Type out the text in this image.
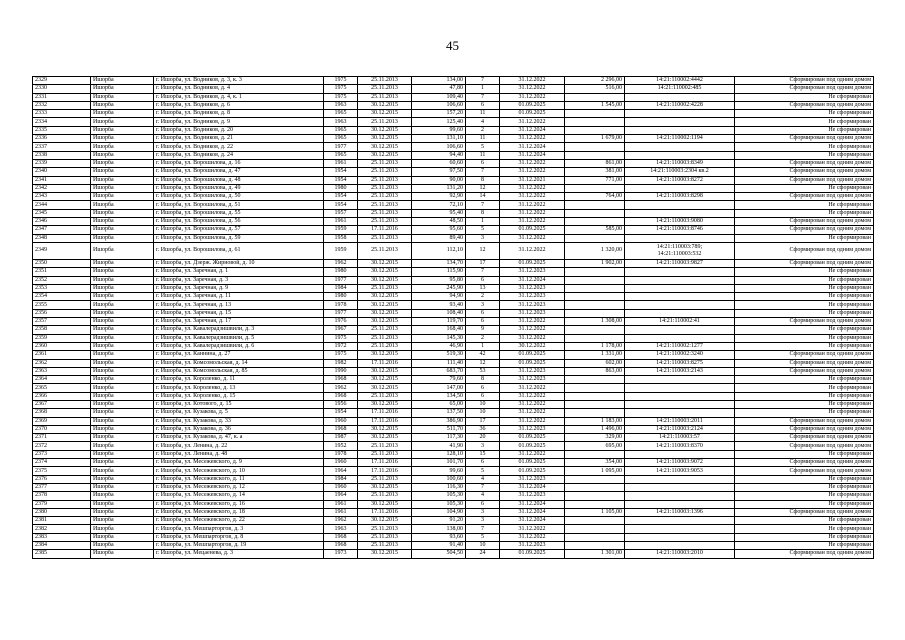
45
2329	Ишорба	г. Ишорба, ул. Водников, д. 3, к. 3	1975	25.11.2013	134,00	7	31.12.2022	2 296,00	14:21:110002:4442	Сформирован под одним домом
2330	Ишорба	г. Ишорба, ул. Водников, д. 4	1975	25.11.2013	47,80	1	31.12.2022	516,00	14:21:110002:485	Сформирован под одним домом
2331	Ишорба	г. Ишорба, ул. Водников, д. 4, к. 1	1975	25.11.2013	109,40	7	31.12.2022			Не сформирован
2332	Ишорба	г. Ишорба, ул. Водников, д. 6	1963	30.12.2015	106,60	6	01.09.2025	1 545,00	14:21:110002:4228	Сформирован под одним домом
2333	Ишорба	г. Ишорба, ул. Водников, д. 8	1965	30.12.2015	157,20	11	01.09.2025			Не сформирован
2334	Ишорба	г. Ишорба, ул. Водников, д. 9	1963	25.11.2013	125,40	4	31.12.2022			Не сформирован
2335	Ишорба	г. Ишорба, ул. Водников, д. 20	1965	30.12.2015	99,60	2	31.12.2024			Не сформирован
2336	Ишорба	г. Ишорба, ул. Водников, д. 21	1965	30.12.2015	131,10	11	31.12.2022	1 679,00	14:21:110002:1194	Сформирован под одним домом
2337	Ишорба	г. Ишорба, ул. Водников, д. 22	1977	30.12.2015	106,60	5	31.12.2024			Не сформирован
2338	Ишорба	г. Ишорба, ул. Водников, д. 24	1965	30.12.2015	94,40	11	31.12.2024			Не сформирован
2339	Ишорба	г. Ишорба, ул. Ворошилова, д. 16	1961	25.11.2013	60,60	6	31.12.2022	861,00	14:21:110003:8349	Сформирован под одним домом
2340	Ишорба	г. Ишорба, ул. Ворошилова, д. 47	1954	25.11.2013	97,50	7	31.12.2022	381,00	14:21:110003:2304 кв.2	Сформирован под одним домом
2341	Ишорба	г. Ишорба, ул. Ворошилова, д. 48	1954	25.11.2013	90,00	8	31.12.2021	771,00	14:21:110003:8272	Сформирован под одним домом
2342	Ишорба	г. Ишорба, ул. Ворошилова, д. 49	1980	25.11.2013	131,20	12	31.12.2022			Не сформирован
2343	Ишорба	г. Ишорба, ул. Ворошилова, д. 50	1954	25.11.2013	92,90	14	31.12.2022	764,00	14:21:110003:8298	Сформирован под одним домом
2344	Ишорба	г. Ишорба, ул. Ворошилова, д. 51	1954	25.11.2013	72,10	7	31.12.2022			Не сформирован
2345	Ишорба	г. Ишорба, ул. Ворошилова, д. 55	1957	25.11.2013	95,40	8	31.12.2022			Не сформирован
2346	Ишорба	г. Ишорба, ул. Ворошилова, д. 56	1961	25.11.2013	48,50	1	31.12.2022		14:21:110003:9080	Сформирован под одним домом
2347	Ишорба	г. Ишорба, ул. Ворошилова, д. 57	1959	17.11.2016	95,60	5	01.09.2025	585,00	14:21:110003:8746	Сформирован под одним домом
2348	Ишорба	г. Ишорба, ул. Ворошилова, д. 59	1958	25.11.2013	89,40	3	31.12.2022			Не сформирован
2349	Ишорба	г. Ишорба, ул. Ворошилова, д. 61	1959	25.11.2013	112,10	12	31.12.2022	1 320,00	14:21:110003:789;
14:21:110003:532	Сформирован под одним домом
2350	Ишорба	г. Ишорба, ул. Дзерж. Жирновой, д. 10	1962	30.12.2015	134,70	17	01.09.2025	1 902,00	14:21:110003:9827	Сформирован под одним домом
2351	Ишорба	г. Ишорба, ул. Заречная, д. 1	1980	30.12.2015	115,90	7	31.12.2023			Не сформирован
2352	Ишорба	г. Ишорба, ул. Заречная, д. 3	1977	30.12.2015	95,80	6	31.12.2024			Не сформирован
2353	Ишорба	г. Ишорба, ул. Заречная, д. 9	1984	25.11.2013	245,90	13	31.12.2023			Не сформирован
2354	Ишорба	г. Ишорба, ул. Заречная, д. 11	1980	30.12.2015	94,90	2	31.12.2023			Не сформирован
2355	Ишорба	г. Ишорба, ул. Заречная, д. 13	1978	30.12.2015	93,40	3	31.12.2023			Не сформирован
2356	Ишорба	г. Ишорба, ул. Заречная, д. 15	1977	30.12.2015	108,40	6	31.12.2023			Не сформирован
2357	Ишорба	г. Ишорба, ул. Заречная, д. 17	1976	30.12.2015	119,70	6	31.12.2022	1 308,00	14:21:110002:41	Сформирован под одним домом
2358	Ишорба	г. Ишорба, ул. Кавалерадзишвили, д. 3	1967	25.11.2013	168,40	9	31.12.2022			Не сформирован
2359	Ишорба	г. Ишорба, ул. Кавалерадзишвили, д. 5	1975	25.11.2013	145,30	2	31.12.2022			Не сформирован
2360	Ишорба	г. Ишорба, ул. Кавалерадзишвили, д. 6	1972	25.11.2013	46,90	1	30.12.2022	1 178,00	14:21:110002:1277	Не сформирован
2361	Ишорба	г. Ишорба, ул. Каннина, д. 27	1975	30.12.2015	519,30	42	01.09.2025	1 331,00	14:21:110002:3240	Сформирован под одним домом
2362	Ишорба	г. Ишорба, ул. Комсомольская, д. 14	1982	17.11.2016	111,40	12	01.09.2025	602,00	14:21:110003:8275	Сформирован под одним домом
2363	Ишорба	г. Ишорба, ул. Комсомольская, д. 85	1990	30.12.2015	683,70	53	31.12.2023	863,00	14:21:110003:2143	Сформирован под одним домом
2364	Ишорба	г. Ишорба, ул. Короленко, д. 11	1968	30.12.2015	79,60	8	31.12.2023			Не сформирован
2365	Ишорба	г. Ишорба, ул. Короленко, д. 13	1962	30.12.2015	147,00	6	31.12.2022			Не сформирован
2366	Ишорба	г. Ишорба, ул. Короленко, д. 15	1968	25.11.2013	134,50	6	31.12.2022			Не сформирован
2367	Ишорба	г. Ишорба, ул. Котового, д. 15	1956	30.12.2015	65,00	10	31.12.2022			Не сформирован
2368	Ишорба	г. Ишорба, ул. Кузакова, д. 5	1954	17.11.2016	137,50	10	31.12.2022			Не сформирован
2369	Ишорба	г. Ишорба, ул. Кузакова, д. 33	1960	17.11.2016	386,90	17	31.12.2022	1 183,00	14:21:110003:2011	Сформирован под одним домом
2370	Ишорба	г. Ишорба, ул. Кузакова, д. 36	1968	30.12.2015	511,70	36	31.12.2023	1 496,00	14:21:110003:2124	Сформирован под одним домом
2371	Ишорба	г. Ишорба, ул. Кузакова, д. 47, к. а	1987	30.12.2015	117,30	20	01.09.2025	329,00	14:21:110003:57	Сформирован под одним домом
2372	Ишорба	г. Ишорба, ул. Ленина, д. 22	1952	25.11.2013	41,90	3	01.09.2025	695,00	14:21:110003:8370	Сформирован под одним домом
2373	Ишорба	г. Ишорба, ул. Ленина, д. 48	1978	25.11.2013	128,10	15	31.12.2022			Не сформирован
2374	Ишорба	г. Ишорба, ул. Месежевского, д. 9	1960	17.11.2016	101,70	6	01.09.2025	354,00	14:21:110003:9072	Сформирован под одним домом
2375	Ишорба	г. Ишорба, ул. Месежевского, д. 10	1964	17.11.2016	99,60	5	01.09.2025	1 095,00	14:21:110003:9053	Сформирован под одним домом
2376	Ишорба	г. Ишорба, ул. Месежевского, д. 11	1984	25.11.2013	100,60	4	31.12.2023			Не сформирован
2377	Ишорба	г. Ишорба, ул. Месежевского, д. 12	1960	30.12.2015	116,30	7	31.12.2024			Не сформирован
2378	Ишорба	г. Ишорба, ул. Месежевского, д. 14	1964	25.11.2013	105,30	4	31.12.2023			Не сформирован
2379	Ишорба	г. Ишорба, ул. Месежевского, д. 16	1961	30.12.2015	105,30	6	31.12.2024			Не сформирован
2380	Ишорба	г. Ишорба, ул. Месежевского, д. 18	1961	17.11.2016	104,90	3	31.12.2024	1 105,00	14:21:110003:1396	Сформирован под одним домом
2381	Ишорба	г. Ишорба, ул. Месежевского, д. 22	1962	30.12.2015	91,20	3	31.12.2024			Не сформирован
2382	Ишорба	г. Ишорба, ул. Мешпарторгов, д. 3	1963	25.11.2013	138,00	7	31.12.2022			Не сформирован
2383	Ишорба	г. Ишорба, ул. Мешпарторгов, д. 8	1968	25.11.2013	93,60	5	31.12.2022			Не сформирован
2384	Ишорба	г. Ишорба, ул. Мешпарторгов, д. 19	1968	25.11.2013	91,40	10	31.12.2023			Не сформирован
2385	Ишорба	г. Ишорба, ул. Мецаенева, д. 3	1973	30.12.2015	504,50	24	01.09.2025	1 301,00	14:21:110003:2010	Сформирован под одним домом
